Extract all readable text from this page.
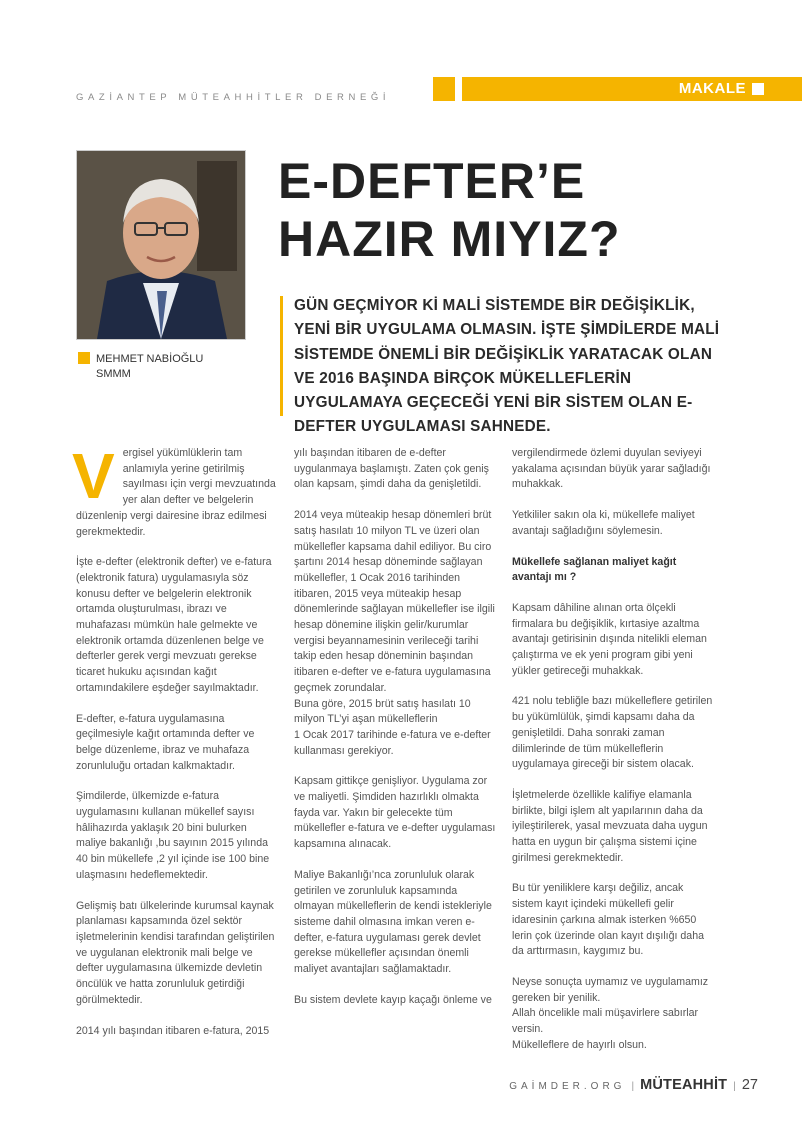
GAZİANTEP MÜTEAHHİTLER DERNEĞİ
MAKALE
MEHMET NABİOĞLU
SMMM
E-DEFTER’E
HAZIR MIYIZ?
GÜN GEÇMİYOR Kİ MALİ SİSTEMDE BİR DEĞİŞİKLİK, YENİ BİR UYGULAMA OLMASIN. İŞTE ŞİMDİLERDE MALİ SİSTEMDE ÖNEMLİ BİR DEĞİŞİKLİK YARATACAK OLAN VE 2016 BAŞINDA BİRÇOK MÜKELLEFLERİN UYGULAMAYA GEÇECEĞİ YENİ BİR SİSTEM OLAN E-DEFTER UYGULAMASI SAHNEDE.

Vergisel yükümlüklerin tam anlamıyla yerine getirilmiş sayılması için vergi mevzuatında yer alan defter ve belgelerin düzenlenip vergi dairesine ibraz edilmesi gerekmektedir.

İşte e-defter (elektronik defter) ve e-fatura (elektronik fatura) uygulamasıyla söz konusu defter ve belgelerin elektronik ortamda oluşturulması, ibrazı ve muhafazası mümkün hale gelmekte ve elektronik ortamda düzenlenen belge ve defterler gerek vergi mevzuatı gerekse ticaret hukuku açısından kağıt ortamındakilere eşdeğer sayılmaktadır.

E-defter, e-fatura uygulamasına geçilmesiyle kağıt ortamında defter ve belge düzenleme, ibraz ve muhafaza zorunluluğu ortadan kalkmaktadır.

Şimdilerde, ülkemizde e-fatura uygulamasını kullanan mükellef sayısı hâlihazırda yaklaşık 20 bini bulurken maliye bakanlığı ,bu sayının 2015 yılında 40 bin mükellefe ,2 yıl içinde ise 100 bine ulaşmasını hedeflemektedir.

Gelişmiş batı ülkelerinde kurumsal kaynak planlaması kapsamında özel sektör işletmelerinin kendisi tarafından geliştirilen ve uygulanan elektronik mali belge ve defter uygulamasına ülkemizde devletin öncülük ve hatta zorunluluk getirdiği görülmektedir.

2014 yılı başından itibaren e-fatura, 2015

yılı başından itibaren de e-defter uygulanmaya başlamıştı. Zaten çok geniş olan kapsam, şimdi daha da genişletildi.

2014 veya müteakip hesap dönemleri brüt satış hasılatı 10 milyon TL ve üzeri olan mükellefler kapsama dahil ediliyor. Bu ciro şartını 2014 hesap döneminde sağlayan mükellefler, 1 Ocak 2016 tarihinden itibaren, 2015 veya müteakip hesap dönemlerinde sağlayan mükellefler ise ilgili hesap dönemine ilişkin gelir/kurumlar vergisi beyannamesinin verileceği tarihi takip eden hesap döneminin başından itibaren e-defter ve e-fatura uygulamasına geçmek zorundalar.

Buna göre, 2015 brüt satış hasılatı 10 milyon TL’yi aşan mükelleflerin

1 Ocak 2017 tarihinde e-fatura ve e-defter kullanması gerekiyor.

Kapsam gittikçe genişliyor. Uygulama zor ve maliyetli. Şimdiden hazırlıklı olmakta fayda var. Yakın bir gelecekte tüm mükellefler e-fatura ve e-defter uygulaması kapsamına alınacak.

Maliye Bakanlığı’nca zorunluluk olarak getirilen ve zorunluluk kapsamında olmayan mükelleflerin de kendi istekleriyle sisteme dahil olmasına imkan veren e-defter, e-fatura uygulaması gerek devlet gerekse mükellefler açısından önemli maliyet avantajları sağlamaktadır.

Bu sistem devlete kayıp kaçağı önleme ve

vergilendirmede özlemi duyulan seviyeyi yakalama açısından büyük yarar sağladığı muhakkak.

Yetkililer sakın ola ki, mükellefe maliyet avantajı sağladığını söylemesin.

Mükellefe sağlanan maliyet kağıt avantajı mı ?

Kapsam dâhiline alınan orta ölçekli firmalara bu değişiklik, kırtasiye azaltma avantajı getirisinin dışında nitelikli eleman çalıştırma ve ek yeni program gibi yeni yükler getireceği muhakkak.

421 nolu tebliğle bazı mükelleflere getirilen bu yükümlülük, şimdi kapsamı daha da genişletildi. Daha sonraki zaman dilimlerinde de tüm mükelleflerin uygulamaya gireceği bir sistem olacak.

İşletmelerde özellikle kalifiye elamanla birlikte, bilgi işlem alt yapılarının daha da iyileştirilerek, yasal mevzuata daha uygun hatta en uygun bir çalışma sistemi içine girilmesi gerekmektedir.

Bu tür yeniliklere karşı değiliz, ancak sistem kayıt içindeki mükellefi gelir idaresinin çarkına almak isterken %650 lerin çok üzerinde olan kayıt dışılığı daha da arttırmasın, kaygımız bu.

Neyse sonuçta uymamız ve uygulamamız gereken bir yenilik.

Allah öncelikle mali müşavirlere sabırlar versin.

Mükelleflere de hayırlı olsun.

GAİMDER.ORG | MÜTEAHHİT | 27
